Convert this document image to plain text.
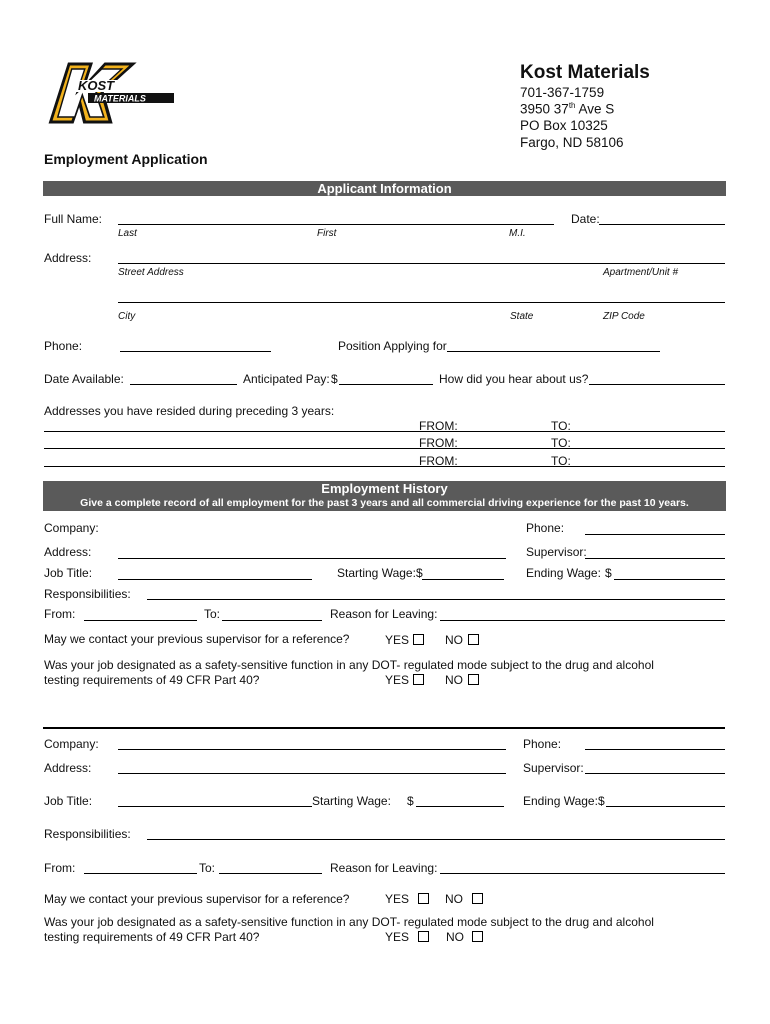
KOST
MATERIALS
Kost Materials
701-367-1759
3950 37th Ave S
PO Box 10325
Fargo, ND 58106
Employment Application
Applicant Information
Full Name:	Date:
Last	First	M.I.
Address:
Street Address	Apartment/Unit #
City	State	ZIP Code
Phone:	Position Applying for
Date Available:	Anticipated Pay: $	How did you hear about us?
Addresses you have resided during preceding 3 years:
FROM:	TO:
FROM:	TO:
FROM:	TO:
Employment History
Give a complete record of all employment for the past 3 years and all commercial driving experience for the past 10 years.
Company:	Phone:
Address:	Supervisor:
Job Title:	Starting Wage:$	Ending Wage: $
Responsibilities:
From:	To:	Reason for Leaving:
May we contact your previous supervisor for a reference?	YES	NO
Was your job designated as a safety-sensitive function in any DOT- regulated mode subject to the drug and alcohol
testing requirements of 49 CFR Part 40?	YES	NO
Company:	Phone:
Address:	Supervisor:
Job Title:	Starting Wage: $	Ending Wage:$
Responsibilities:
From:	To:	Reason for Leaving:
May we contact your previous supervisor for a reference?	YES	NO
Was your job designated as a safety-sensitive function in any DOT- regulated mode subject to the drug and alcohol
testing requirements of 49 CFR Part 40?	YES	NO
